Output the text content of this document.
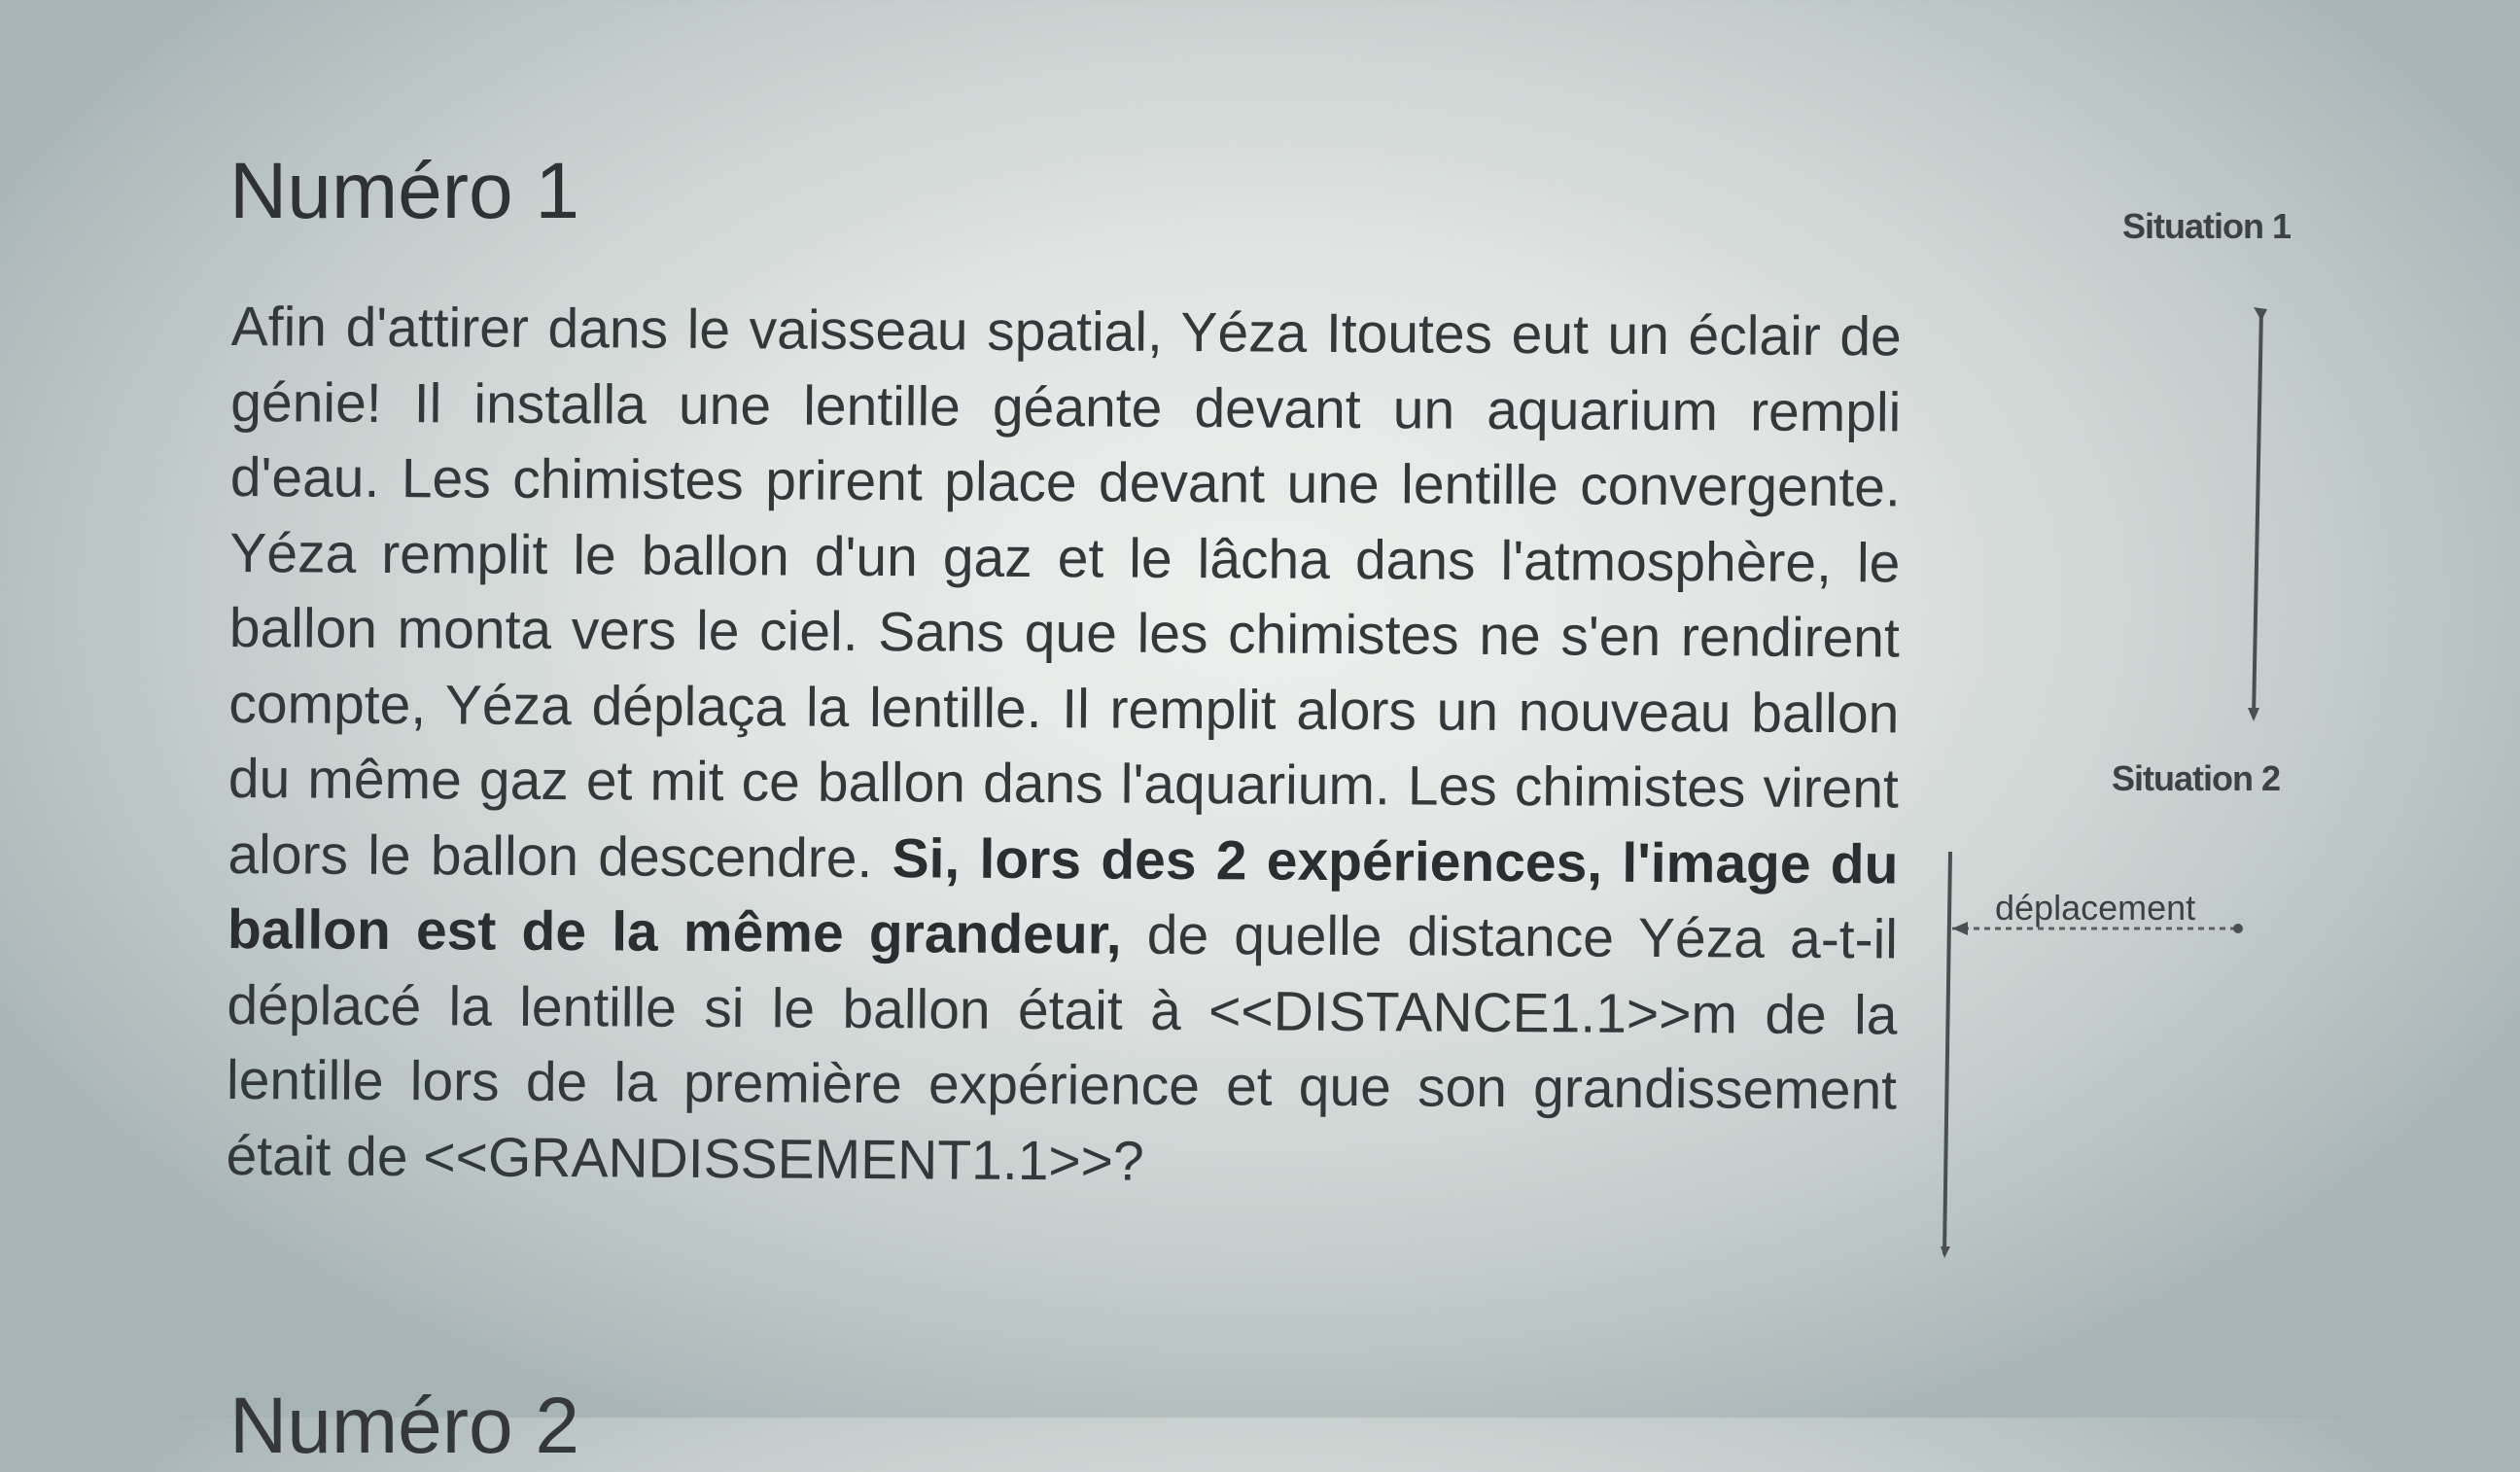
Numéro 1

Afin d'attirer dans le vaisseau spatial, Yéza Itoutes eut un éclair de génie! Il installa une lentille géante devant un aquarium rempli d'eau. Les chimistes prirent place devant une lentille convergente. Yéza remplit le ballon d'un gaz et le lâcha dans l'atmosphère, le ballon monta vers le ciel. Sans que les chimistes ne s'en rendirent compte, Yéza déplaça la lentille. Il remplit alors un nouveau ballon du même gaz et mit ce ballon dans l'aquarium. Les chimistes virent alors le ballon descendre. Si, lors des 2 expériences, l'image du ballon est de la même grandeur, de quelle distance Yéza a-t-il déplacé la lentille si le ballon était à <<DISTANCE1.1>>m de la lentille lors de la première expérience et que son grandissement était de <<GRANDISSEMENT1.1>>?

Numéro 2
Situation 1
Situation 2
déplacement
